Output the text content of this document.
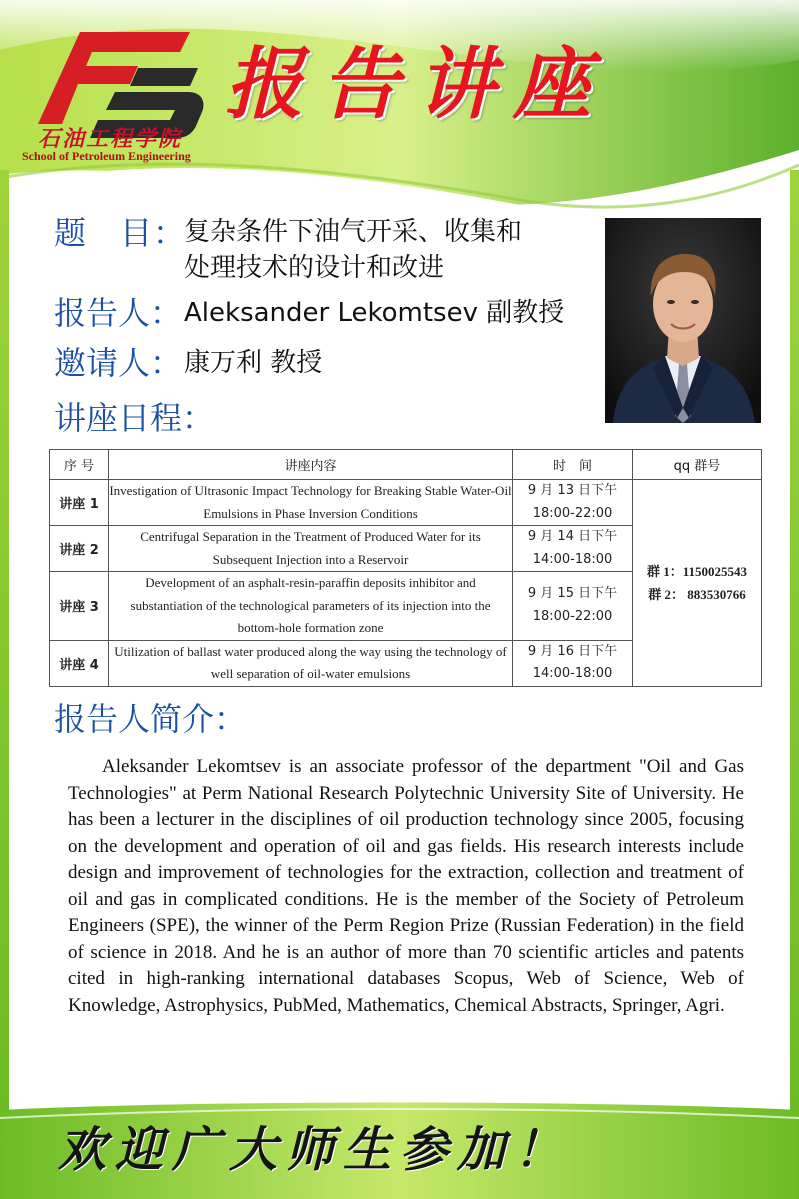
石油工程学院
School of Petroleum Engineering
报告讲座
题　目：
复杂条件下油气开采、收集和
处理技术的设计和改进
报告人： Aleksander Lekomtsev 副教授
邀请人： 康万利 教授
讲座日程：
序 号	讲座内容	时　间	qq 群号
讲座 1	Investigation of Ultrasonic Impact Technology for Breaking Stable Water-Oil Emulsions in Phase Inversion Conditions	9 月 13 日下午
18:00-22:00	群 1：1150025543
群 2： 883530766

讲座 2	Centrifugal Separation in the Treatment of Produced Water for its Subsequent Injection into a Reservoir	9 月 14 日下午
14:00-18:00	

讲座 3	Development of an asphalt-resin-paraffin deposits inhibitor and substantiation of the technological parameters of its injection into the bottom-hole formation zone	9 月 15 日下午
18:00-22:00	

讲座 4	Utilization of ballast water produced along the way using the technology of well separation of oil-water emulsions	9 月 16 日下午
14:00-18:00	
报告人简介：
Aleksander Lekomtsev is an associate professor of the department "Oil and Gas Technologies" at Perm National Research Polytechnic University Site of University. He has been a lecturer in the disciplines of oil production technology since 2005, focusing on the development and operation of oil and gas fields. His research interests include design and improvement of technologies for the extraction, collection and treatment of oil and gas in complicated conditions. He is the member of the Society of Petroleum Engineers (SPE), the winner of the Perm Region Prize (Russian Federation) in the field of science in 2018. And he is an author of more than 70 scientific articles and patents cited in high-ranking international databases Scopus, Web of Science, Web of Knowledge, Astrophysics, PubMed, Mathematics, Chemical Abstracts, Springer, Agri.
欢迎广大师生参加！
